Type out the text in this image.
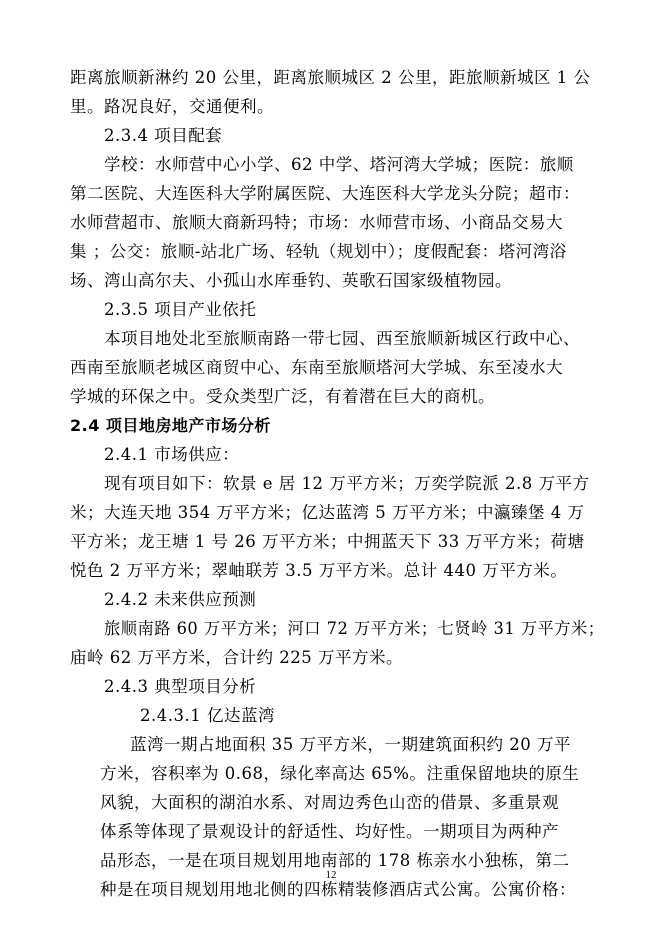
距离旅顺新淋约 20 公里，距离旅顺城区 2 公里，距旅顺新城区 1 公
里。路况良好，交通便利。
2.3.4 项目配套
学校：水师营中心小学、62 中学、塔河湾大学城；医院：旅顺
第二医院、大连医科大学附属医院、大连医科大学龙头分院；超市：
水师营超市、旅顺大商新玛特；市场：水师营市场、小商品交易大
集 ；公交：旅顺-站北广场、轻轨（规划中）；度假配套：塔河湾浴
场、湾山高尔夫、小孤山水库垂钓、英歌石国家级植物园。
2.3.5 项目产业依托
本项目地处北至旅顺南路一带七园、西至旅顺新城区行政中心、
西南至旅顺老城区商贸中心、东南至旅顺塔河大学城、东至凌水大
学城的环保之中。受众类型广泛，有着潜在巨大的商机。
2.4 项目地房地产市场分析
2.4.1 市场供应：
现有项目如下：软景 e 居 12 万平方米；万奕学院派 2.8 万平方
米；大连天地 354 万平方米；亿达蓝湾 5 万平方米；中瀛臻堡 4 万
平方米；龙王塘 1 号 26 万平方米；中拥蓝天下 33 万平方米；荷塘
悦色 2 万平方米；翠岫联芳 3.5 万平方米。总计 440 万平方米。
2.4.2 未来供应预测
旅顺南路 60 万平方米；河口 72 万平方米；七贤岭 31 万平方米；
庙岭 62 万平方米，合计约 225 万平方米。
2.4.3 典型项目分析
2.4.3.1 亿达蓝湾
蓝湾一期占地面积 35 万平方米，一期建筑面积约 20 万平
方米，容积率为 0.68，绿化率高达 65%。注重保留地块的原生
风貌，大面积的湖泊水系、对周边秀色山峦的借景、多重景观
体系等体现了景观设计的舒适性、均好性。一期项目为两种产
品形态，一是在项目规划用地南部的 178 栋亲水小独栋，第二
种是在项目规划用地北侧的四栋精装修酒店式公寓。公寓价格：
12
